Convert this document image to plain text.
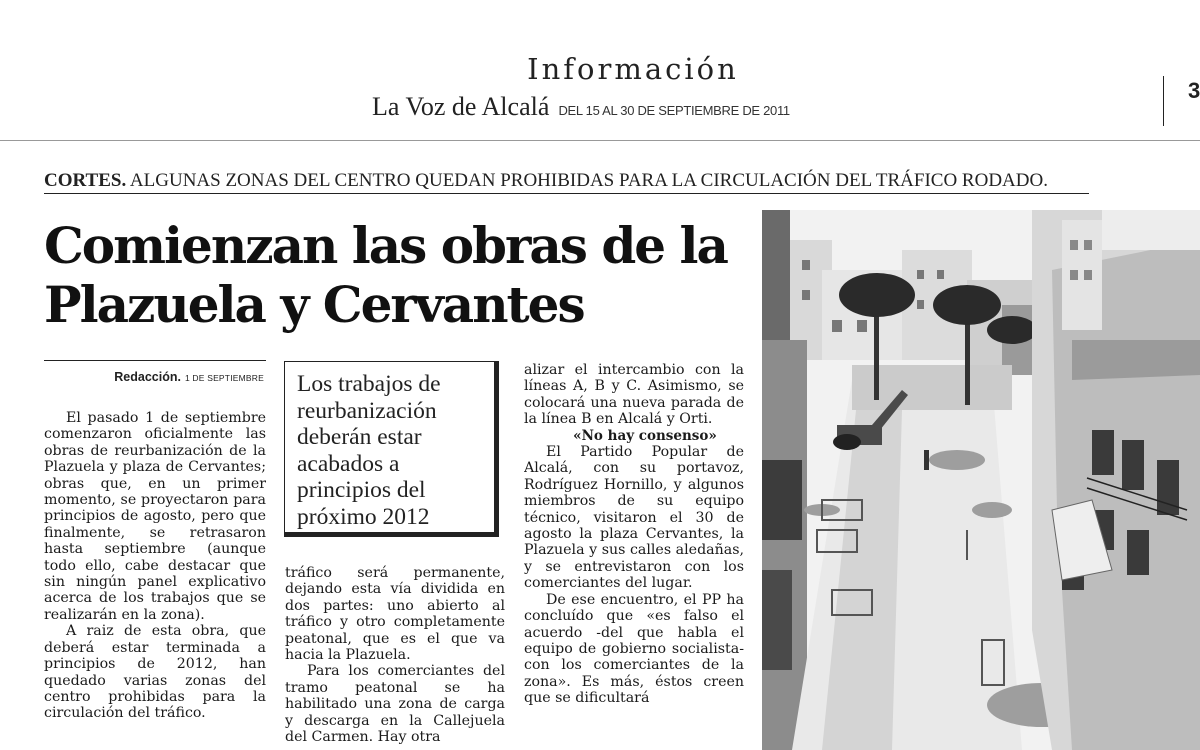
Información
La Voz de Alcalá DEL 15 AL 30 DE SEPTIEMBRE DE 2011
3
CORTES. ALGUNAS ZONAS DEL CENTRO QUEDAN PROHIBIDAS PARA LA CIRCULACIÓN DEL TRÁFICO RODADO.
Comienzan las obras de la Plazuela y Cervantes
Redacción. 1 DE SEPTIEMBRE

El pasado 1 de septiembre comenzaron oficialmente las obras de reurbanización de la Plazuela y plaza de Cervantes; obras que, en un primer momento, se proyectaron para principios de agosto, pero que finalmente, se retrasaron hasta septiembre (aunque todo ello, cabe destacar que sin ningún panel explicativo acerca de los trabajos que se realizarán en la zona).

A raiz de esta obra, que deberá estar terminada a principios de 2012, han quedado varias zonas del centro prohibidas para la circulación del tráfico.

Los trabajos de reurbanización deberán estar acabados a principios del próximo 2012

tráfico será permanente, dejando esta vía dividida en dos partes: uno abierto al tráfico y otro completamente peatonal, que es el que va hacia la Plazuela.

Para los comerciantes del tramo peatonal se ha habilitado una zona de carga y descarga en la Callejuela del Carmen. Hay otra

alizar el intercambio con la líneas A, B y C. Asimismo, se colocará una nueva parada de la línea B en Alcalá y Orti.

«No hay consenso»

El Partido Popular de Alcalá, con su portavoz, Rodríguez Hornillo, y algunos miembros de su equipo técnico, visitaron el 30 de agosto la plaza Cervantes, la Plazuela y sus calles aledañas, y se entrevistaron con los comerciantes del lugar.

De ese encuentro, el PP ha concluído que «es falso el acuerdo -del que habla el equipo de gobierno socialista- con los comerciantes de la zona». Es más, éstos creen que se dificultará
